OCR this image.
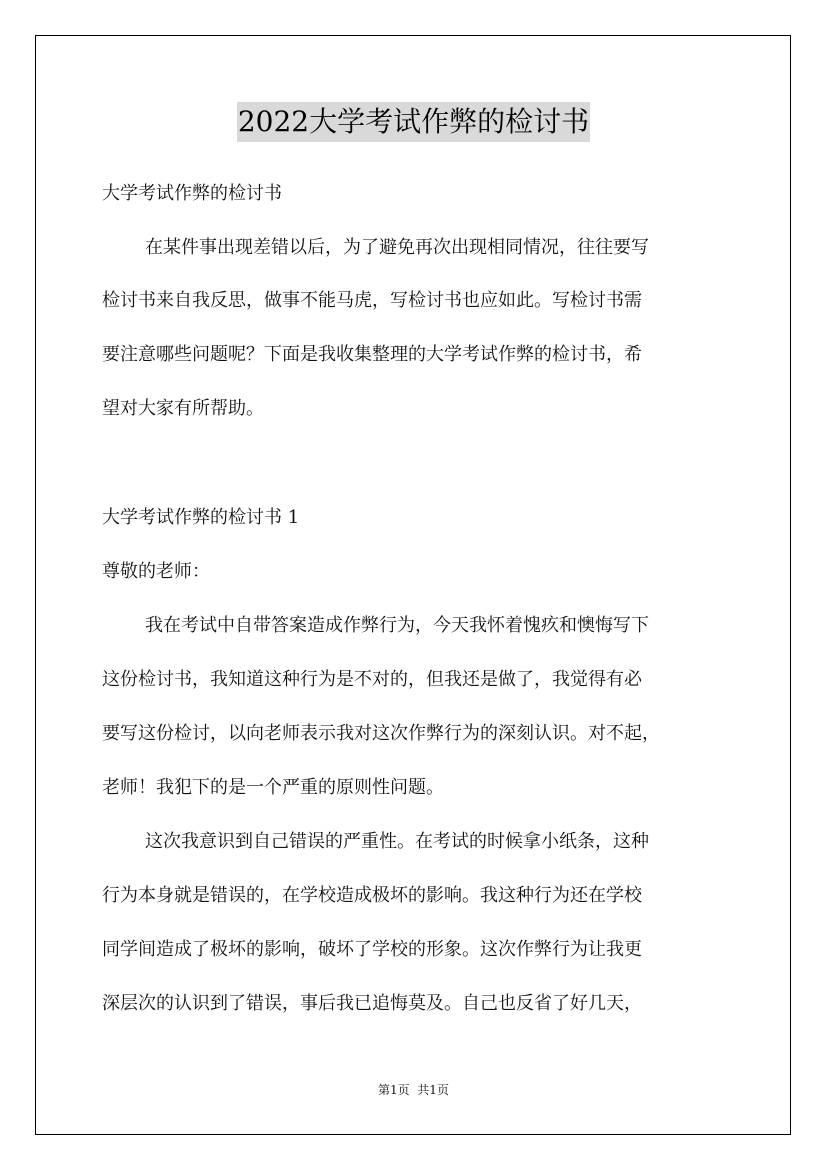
2022大学考试作弊的检讨书
大学考试作弊的检讨书
在某件事出现差错以后，为了避免再次出现相同情况，往往要写
检讨书来自我反思，做事不能马虎，写检讨书也应如此。写检讨书需
要注意哪些问题呢？下面是我收集整理的大学考试作弊的检讨书，希
望对大家有所帮助。
大学考试作弊的检讨书 1
尊敬的老师：
我在考试中自带答案造成作弊行为，今天我怀着愧疚和懊悔写下
这份检讨书，我知道这种行为是不对的，但我还是做了，我觉得有必
要写这份检讨，以向老师表示我对这次作弊行为的深刻认识。对不起，
老师！我犯下的是一个严重的原则性问题。
这次我意识到自己错误的严重性。在考试的时候拿小纸条，这种
行为本身就是错误的，在学校造成极坏的影响。我这种行为还在学校
同学间造成了极坏的影响，破坏了学校的形象。这次作弊行为让我更
深层次的认识到了错误，事后我已追悔莫及。自己也反省了好几天，
第1页  共1页
